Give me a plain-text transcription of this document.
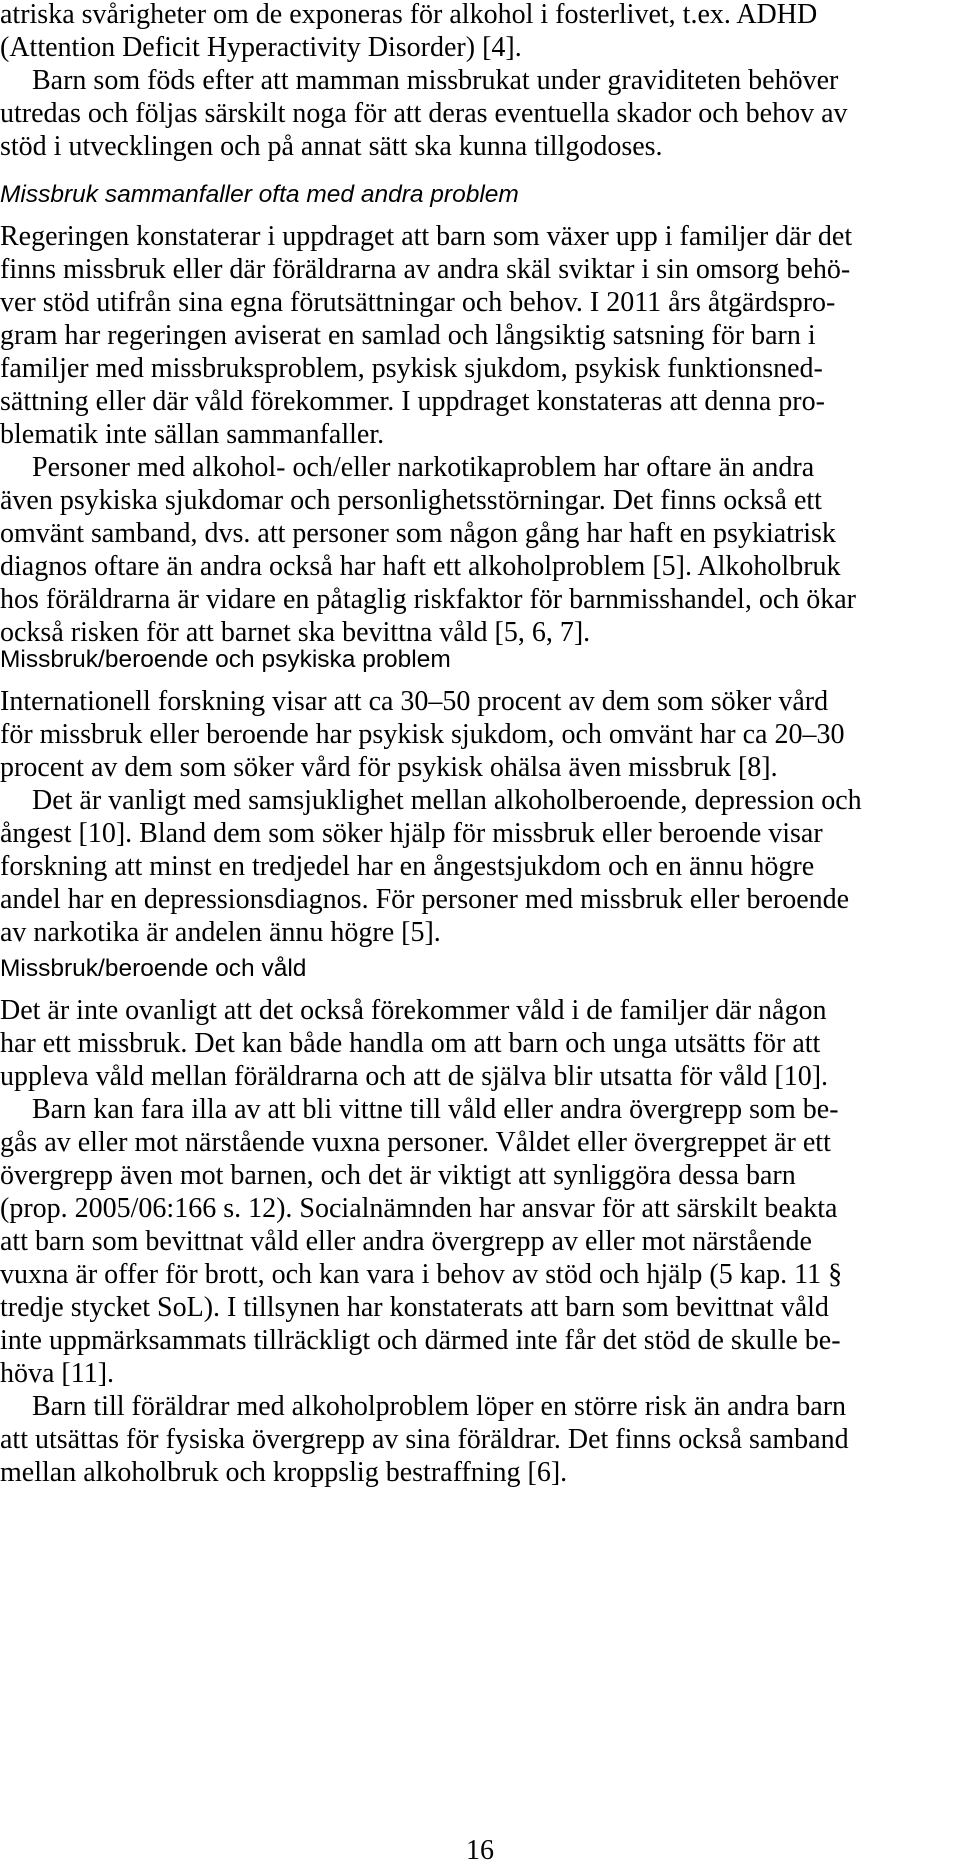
atriska svårigheter om de exponeras för alkohol i fosterlivet, t.ex. ADHD
(Attention Deficit Hyperactivity Disorder) [4].
Barn som föds efter att mamman missbrukat under graviditeten behöver
utredas och följas särskilt noga för att deras eventuella skador och behov av
stöd i utvecklingen och på annat sätt ska kunna tillgodoses.
Missbruk sammanfaller ofta med andra problem
Regeringen konstaterar i uppdraget att barn som växer upp i familjer där det
finns missbruk eller där föräldrarna av andra skäl sviktar i sin omsorg behö-
ver stöd utifrån sina egna förutsättningar och behov. I 2011 års åtgärdspro-
gram har regeringen aviserat en samlad och långsiktig satsning för barn i
familjer med missbruksproblem, psykisk sjukdom, psykisk funktionsned-
sättning eller där våld förekommer. I uppdraget konstateras att denna pro-
blematik inte sällan sammanfaller.
Personer med alkohol- och/eller narkotikaproblem har oftare än andra
även psykiska sjukdomar och personlighetsstörningar. Det finns också ett
omvänt samband, dvs. att personer som någon gång har haft en psykiatrisk
diagnos oftare än andra också har haft ett alkoholproblem [5]. Alkoholbruk
hos föräldrarna är vidare en påtaglig riskfaktor för barnmisshandel, och ökar
också risken för att barnet ska bevittna våld [5, 6, 7].
Missbruk/beroende och psykiska problem
Internationell forskning visar att ca 30–50 procent av dem som söker vård
för missbruk eller beroende har psykisk sjukdom, och omvänt har ca 20–30
procent av dem som söker vård för psykisk ohälsa även missbruk [8].
Det är vanligt med samsjuklighet mellan alkoholberoende, depression och
ångest [10]. Bland dem som söker hjälp för missbruk eller beroende visar
forskning att minst en tredjedel har en ångestsjukdom och en ännu högre
andel har en depressionsdiagnos. För personer med missbruk eller beroende
av narkotika är andelen ännu högre [5].
Missbruk/beroende och våld
Det är inte ovanligt att det också förekommer våld i de familjer där någon
har ett missbruk. Det kan både handla om att barn och unga utsätts för att
uppleva våld mellan föräldrarna och att de själva blir utsatta för våld [10].
Barn kan fara illa av att bli vittne till våld eller andra övergrepp som be-
gås av eller mot närstående vuxna personer. Våldet eller övergreppet är ett
övergrepp även mot barnen, och det är viktigt att synliggöra dessa barn
(prop. 2005/06:166 s. 12). Socialnämnden har ansvar för att särskilt beakta
att barn som bevittnat våld eller andra övergrepp av eller mot närstående
vuxna är offer för brott, och kan vara i behov av stöd och hjälp (5 kap. 11 §
tredje stycket SoL). I tillsynen har konstaterats att barn som bevittnat våld
inte uppmärksammats tillräckligt och därmed inte får det stöd de skulle be-
höva [11].
Barn till föräldrar med alkoholproblem löper en större risk än andra barn
att utsättas för fysiska övergrepp av sina föräldrar. Det finns också samband
mellan alkoholbruk och kroppslig bestraffning [6].
16
